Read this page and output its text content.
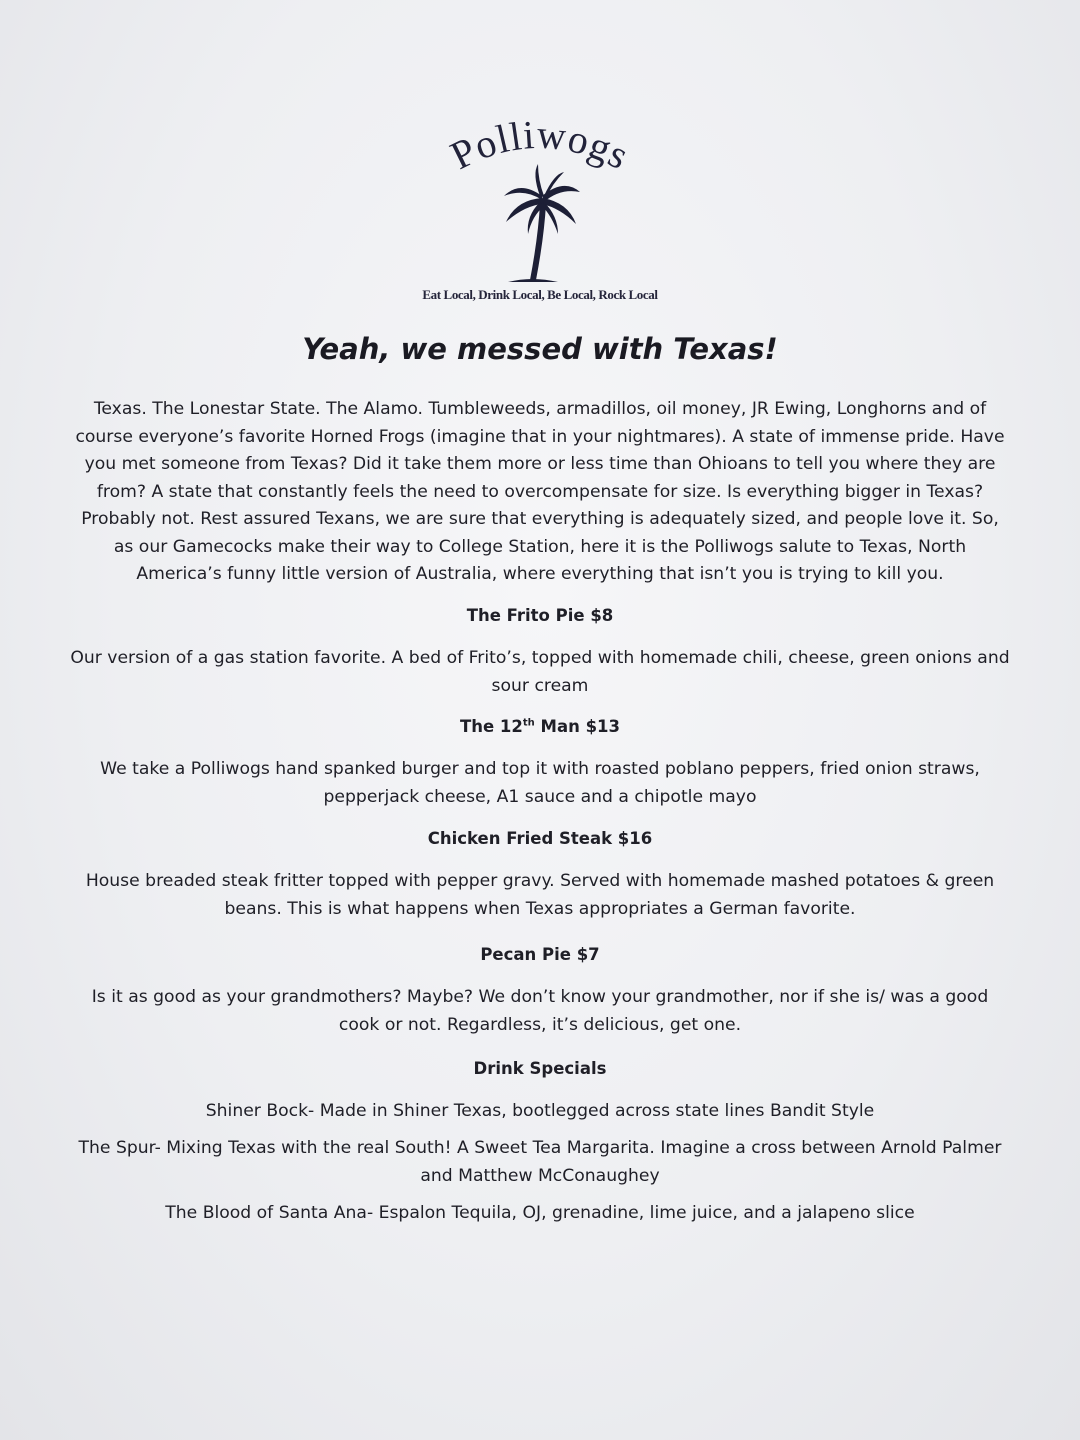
Polliwogs
Eat Local, Drink Local, Be Local, Rock Local
Yeah, we messed with Texas!
Texas. The Lonestar State. The Alamo. Tumbleweeds, armadillos, oil money, JR Ewing, Longhorns and of course everyone’s favorite Horned Frogs (imagine that in your nightmares). A state of immense pride. Have you met someone from Texas? Did it take them more or less time than Ohioans to tell you where they are from? A state that constantly feels the need to overcompensate for size. Is everything bigger in Texas? Probably not. Rest assured Texans, we are sure that everything is adequately sized, and people love it. So, as our Gamecocks make their way to College Station, here it is the Polliwogs salute to Texas, North America’s funny little version of Australia, where everything that isn’t you is trying to kill you.
The Frito Pie $8
Our version of a gas station favorite. A bed of Frito’s, topped with homemade chili, cheese, green onions and sour cream
The 12th Man $13
We take a Polliwogs hand spanked burger and top it with roasted poblano peppers, fried onion straws, pepperjack cheese, A1 sauce and a chipotle mayo
Chicken Fried Steak $16
House breaded steak fritter topped with pepper gravy. Served with homemade mashed potatoes & green beans. This is what happens when Texas appropriates a German favorite.
Pecan Pie $7
Is it as good as your grandmothers? Maybe? We don’t know your grandmother, nor if she is/ was a good cook or not. Regardless, it’s delicious, get one.
Drink Specials
Shiner Bock- Made in Shiner Texas, bootlegged across state lines Bandit Style
The Spur- Mixing Texas with the real South! A Sweet Tea Margarita. Imagine a cross between Arnold Palmer and Matthew McConaughey
The Blood of Santa Ana- Espalon Tequila, OJ, grenadine, lime juice, and a jalapeno slice
